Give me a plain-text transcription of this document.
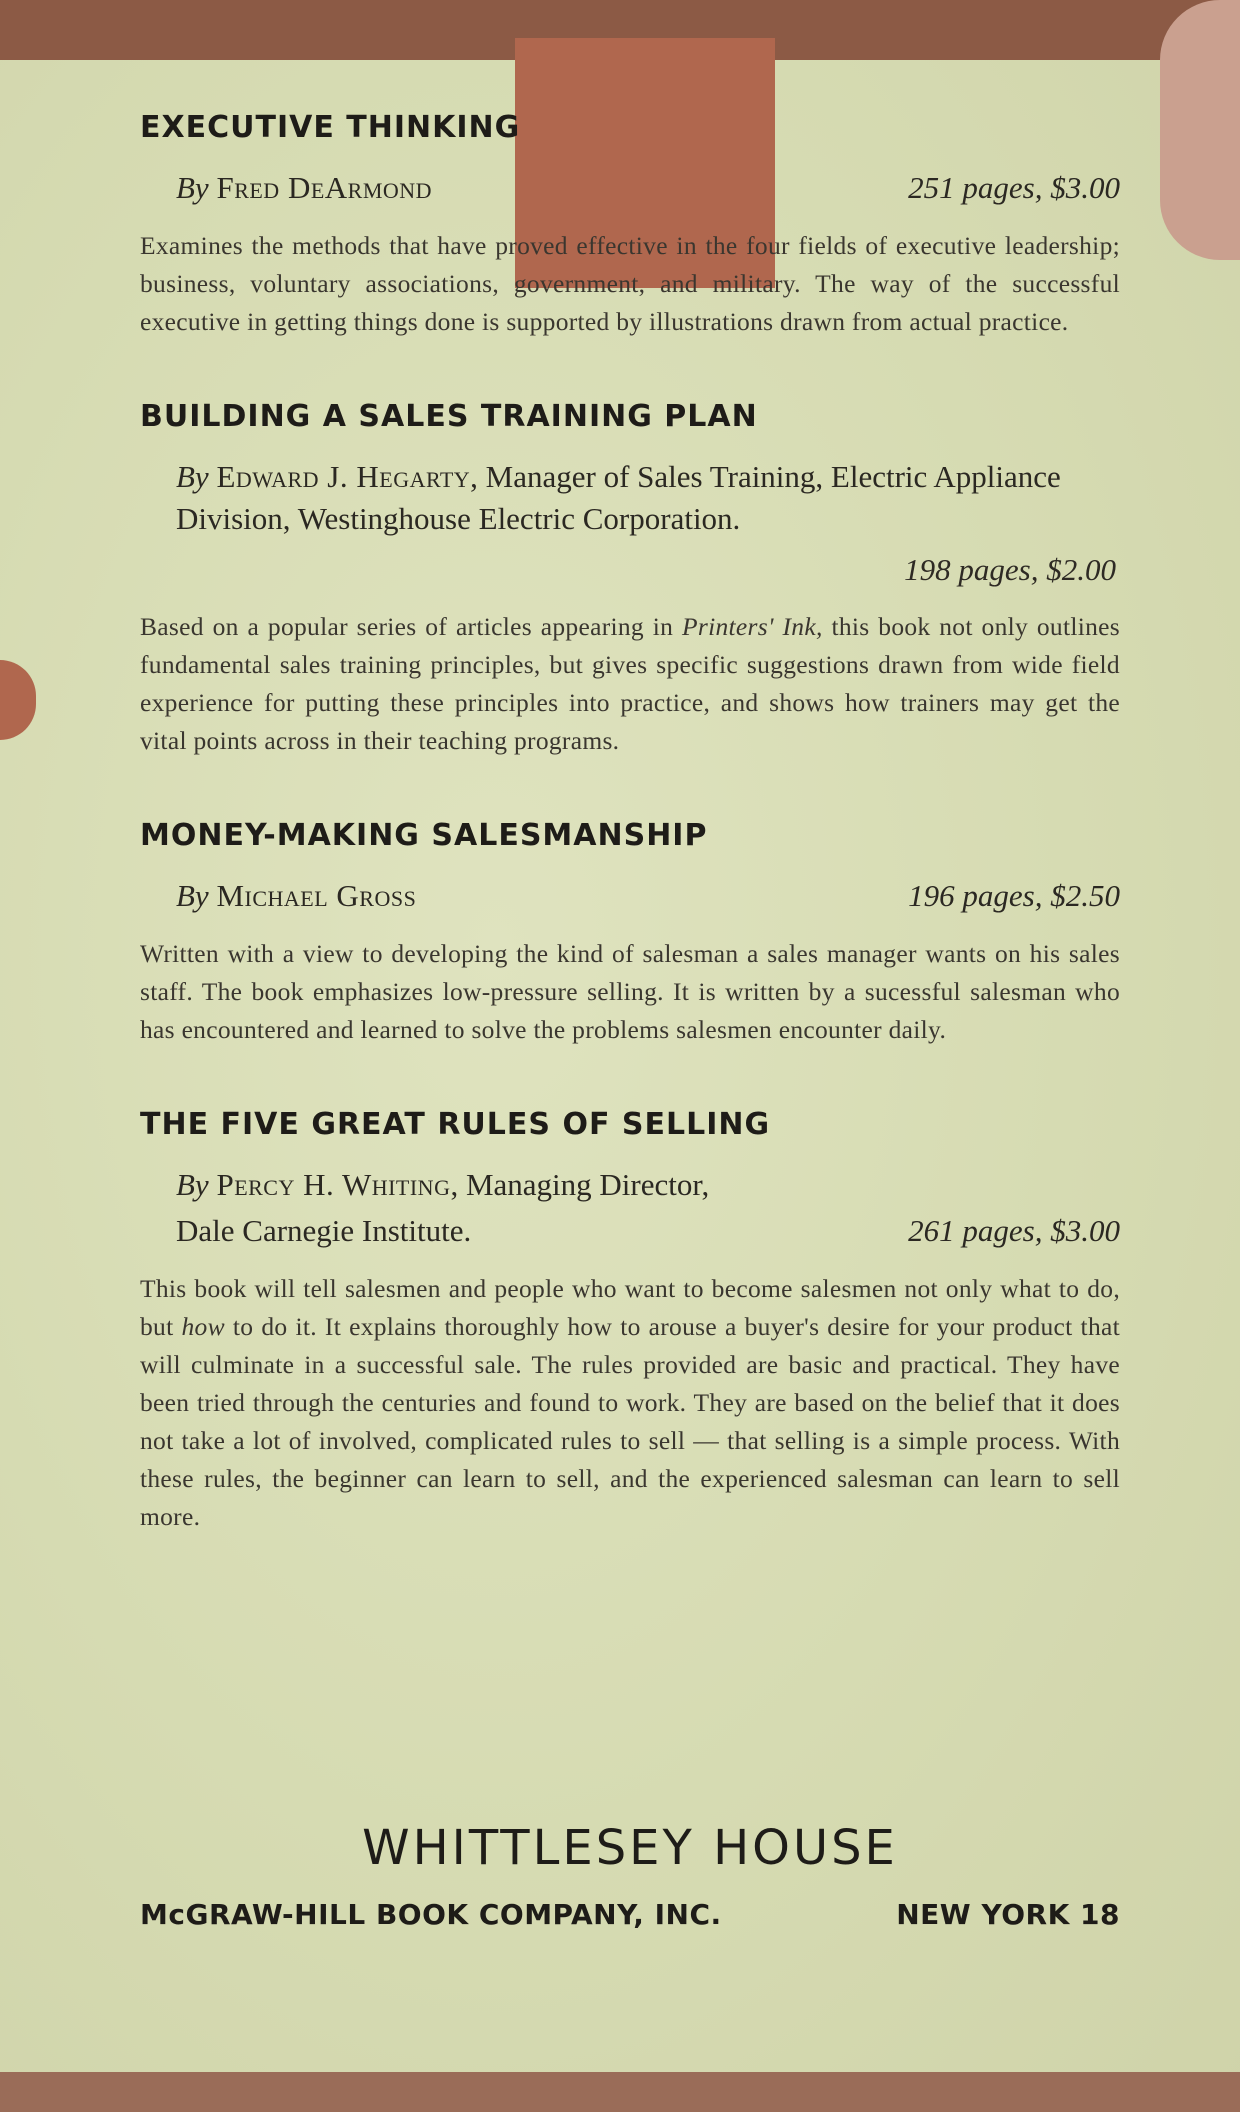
EXECUTIVE THINKING
By Fred DeArmond	251 pages, $3.00
Examines the methods that have proved effective in the four fields of executive leadership; business, voluntary associations, government, and military. The way of the successful executive in getting things done is supported by illustrations drawn from actual practice.
BUILDING A SALES TRAINING PLAN
By Edward J. Hegarty, Manager of Sales Training, Electric Appliance Division, Westinghouse Electric Corporation.
198 pages, $2.00
Based on a popular series of articles appearing in Printers' Ink, this book not only outlines fundamental sales training principles, but gives specific suggestions drawn from wide field experience for putting these principles into practice, and shows how trainers may get the vital points across in their teaching programs.
MONEY-MAKING SALESMANSHIP
By Michael Gross	196 pages, $2.50
Written with a view to developing the kind of salesman a sales manager wants on his sales staff. The book emphasizes low-pressure selling. It is written by a sucessful salesman who has encountered and learned to solve the problems salesmen encounter daily.
THE FIVE GREAT RULES OF SELLING
By Percy H. Whiting, Managing Director,
Dale Carnegie Institute.	261 pages, $3.00
This book will tell salesmen and people who want to become salesmen not only what to do, but how to do it. It explains thoroughly how to arouse a buyer's desire for your product that will culminate in a successful sale. The rules provided are basic and practical. They have been tried through the centuries and found to work. They are based on the belief that it does not take a lot of involved, complicated rules to sell — that selling is a simple process. With these rules, the beginner can learn to sell, and the experienced salesman can learn to sell more.
WHITTLESEY HOUSE
McGRAW-HILL BOOK COMPANY, INC.	NEW YORK 18
